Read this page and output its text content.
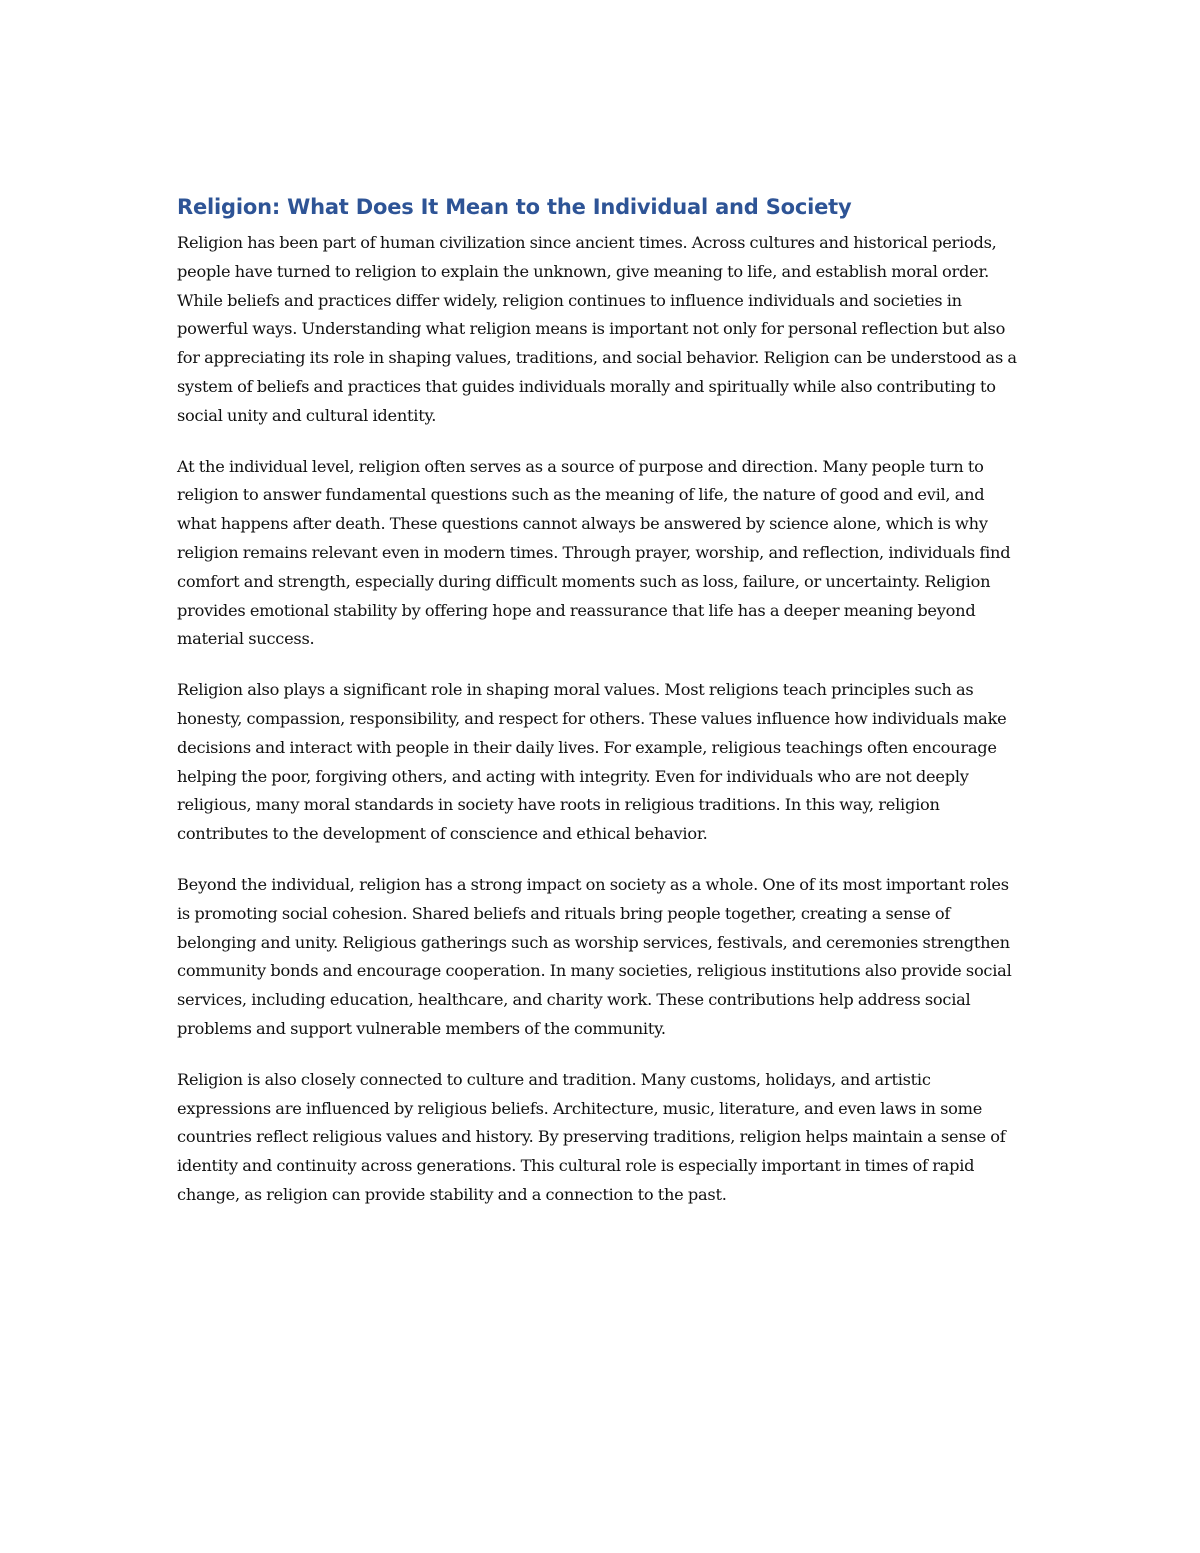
Religion: What Does It Mean to the Individual and Society

Religion has been part of human civilization since ancient times. Across cultures and historical periods, people have turned to religion to explain the unknown, give meaning to life, and establish moral order. While beliefs and practices differ widely, religion continues to influence individuals and societies in powerful ways. Understanding what religion means is important not only for personal reflection but also for appreciating its role in shaping values, traditions, and social behavior. Religion can be understood as a system of beliefs and practices that guides individuals morally and spiritually while also contributing to social unity and cultural identity.

At the individual level, religion often serves as a source of purpose and direction. Many people turn to religion to answer fundamental questions such as the meaning of life, the nature of good and evil, and what happens after death. These questions cannot always be answered by science alone, which is why religion remains relevant even in modern times. Through prayer, worship, and reflection, individuals find comfort and strength, especially during difficult moments such as loss, failure, or uncertainty. Religion provides emotional stability by offering hope and reassurance that life has a deeper meaning beyond material success.

Religion also plays a significant role in shaping moral values. Most religions teach principles such as honesty, compassion, responsibility, and respect for others. These values influence how individuals make decisions and interact with people in their daily lives. For example, religious teachings often encourage helping the poor, forgiving others, and acting with integrity. Even for individuals who are not deeply religious, many moral standards in society have roots in religious traditions. In this way, religion contributes to the development of conscience and ethical behavior.

Beyond the individual, religion has a strong impact on society as a whole. One of its most important roles is promoting social cohesion. Shared beliefs and rituals bring people together, creating a sense of belonging and unity. Religious gatherings such as worship services, festivals, and ceremonies strengthen community bonds and encourage cooperation. In many societies, religious institutions also provide social services, including education, healthcare, and charity work. These contributions help address social problems and support vulnerable members of the community.

Religion is also closely connected to culture and tradition. Many customs, holidays, and artistic expressions are influenced by religious beliefs. Architecture, music, literature, and even laws in some countries reflect religious values and history. By preserving traditions, religion helps maintain a sense of identity and continuity across generations. This cultural role is especially important in times of rapid change, as religion can provide stability and a connection to the past.
